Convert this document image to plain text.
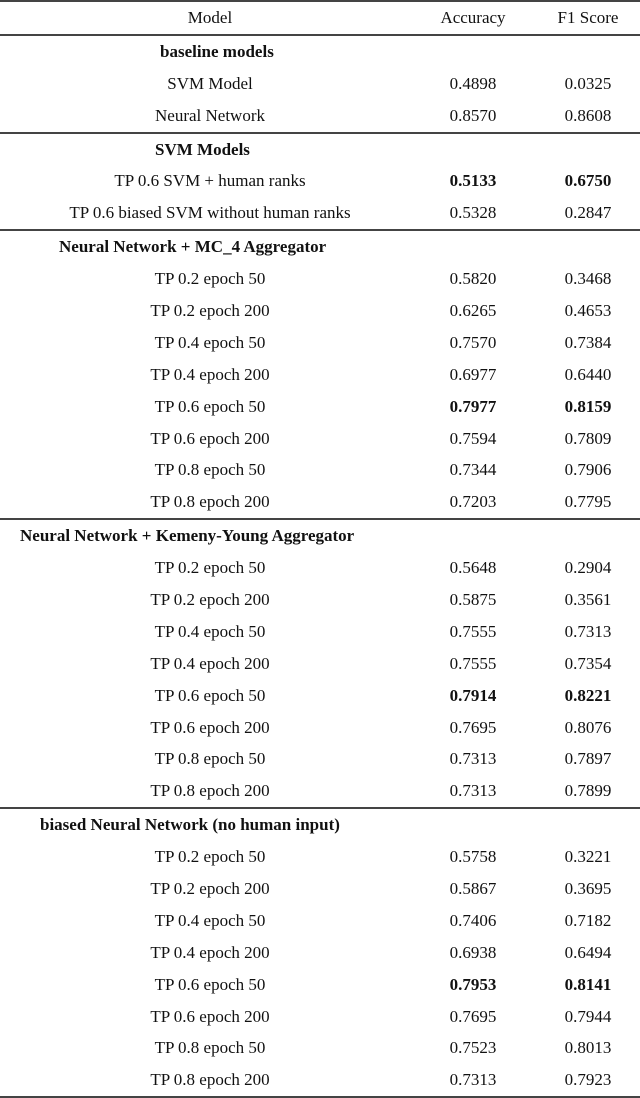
Model	Accuracy	F1 Score
baseline models
SVM Model	0.4898	0.0325
Neural Network	0.8570	0.8608
SVM Models
TP 0.6 SVM + human ranks	0.5133	0.6750
TP 0.6 biased SVM without human ranks	0.5328	0.2847
Neural Network + MC_4 Aggregator
TP 0.2 epoch 50	0.5820	0.3468
TP 0.2 epoch 200	0.6265	0.4653
TP 0.4 epoch 50	0.7570	0.7384
TP 0.4 epoch 200	0.6977	0.6440
TP 0.6 epoch 50	0.7977	0.8159
TP 0.6 epoch 200	0.7594	0.7809
TP 0.8 epoch 50	0.7344	0.7906
TP 0.8 epoch 200	0.7203	0.7795
Neural Network + Kemeny-Young Aggregator
TP 0.2 epoch 50	0.5648	0.2904
TP 0.2 epoch 200	0.5875	0.3561
TP 0.4 epoch 50	0.7555	0.7313
TP 0.4 epoch 200	0.7555	0.7354
TP 0.6 epoch 50	0.7914	0.8221
TP 0.6 epoch 200	0.7695	0.8076
TP 0.8 epoch 50	0.7313	0.7897
TP 0.8 epoch 200	0.7313	0.7899
biased Neural Network (no human input)
TP 0.2 epoch 50	0.5758	0.3221
TP 0.2 epoch 200	0.5867	0.3695
TP 0.4 epoch 50	0.7406	0.7182
TP 0.4 epoch 200	0.6938	0.6494
TP 0.6 epoch 50	0.7953	0.8141
TP 0.6 epoch 200	0.7695	0.7944
TP 0.8 epoch 50	0.7523	0.8013
TP 0.8 epoch 200	0.7313	0.7923
